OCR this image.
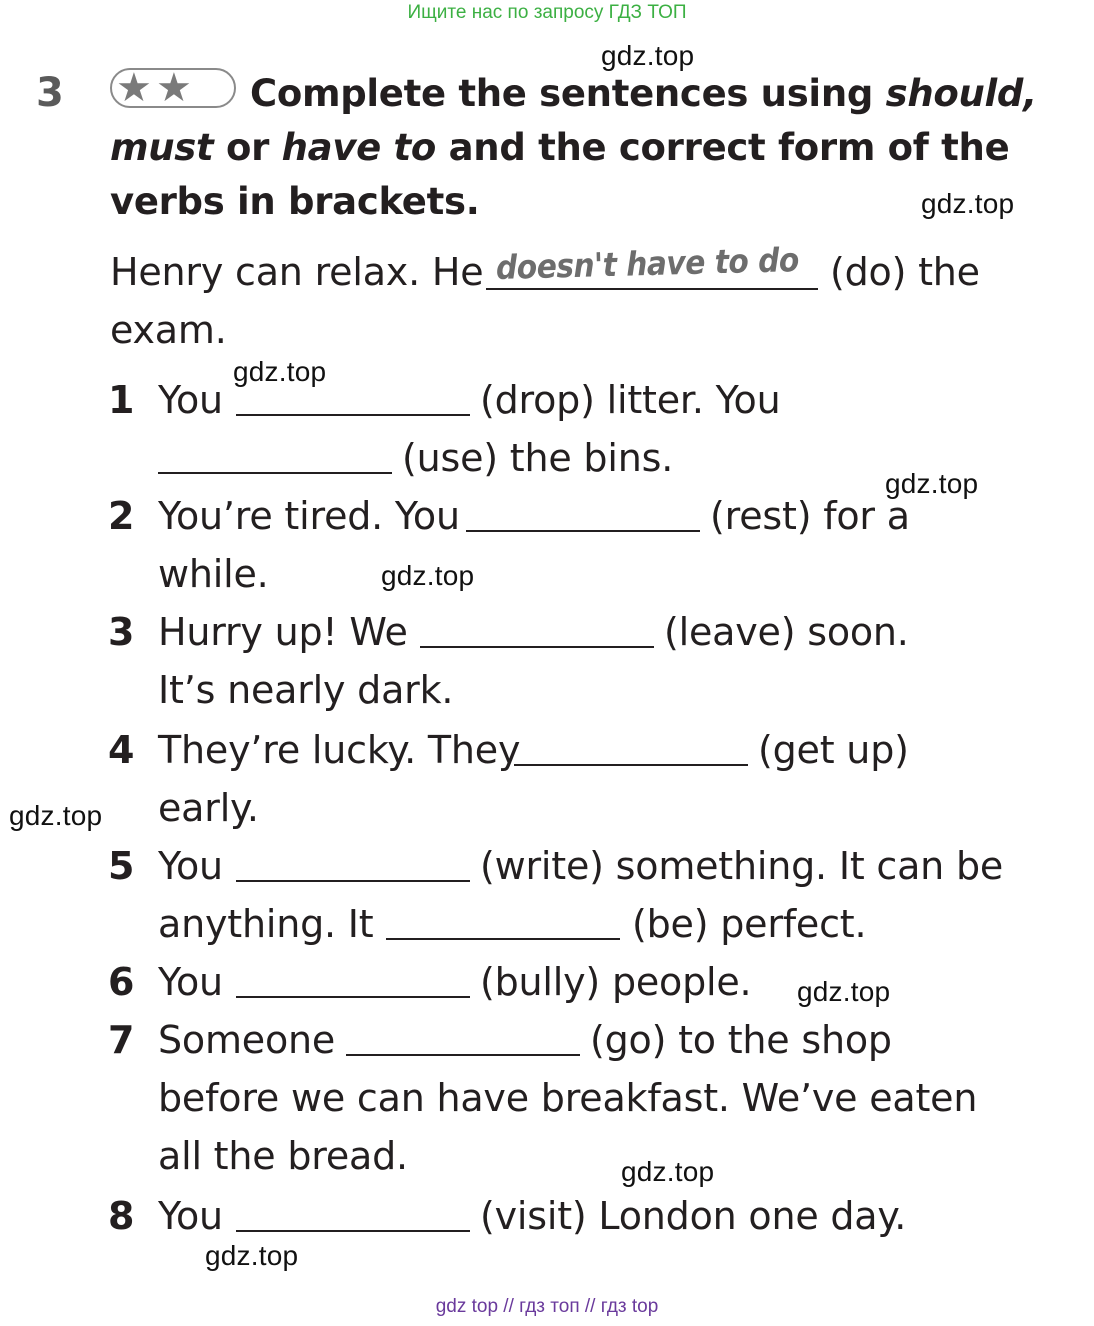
Ищите нас по запросу ГДЗ ТОП
gdz.top
gdz.top
gdz.top
gdz.top
gdz.top
gdz.top
gdz.top
gdz.top
gdz.top
3 ★ ★ Complete the sentences using should,
must or have to and the correct form of the
verbs in brackets.
Henry can relax. He doesn't have to do (do) the
exam.
1 You	(drop) litter. You
(use) the bins.
2 You’re tired. You	(rest) for a
while.
3 Hurry up! We	(leave) soon.
It’s nearly dark.
4 They’re lucky. They	(get up)
early.
5 You	(write) something. It can be
anything. It	(be) perfect.
6 You	(bully) people.
7 Someone	(go) to the shop
before we can have breakfast. We’ve eaten
all the bread.
8 You	(visit) London one day.
gdz top // гдз топ // гдз top
